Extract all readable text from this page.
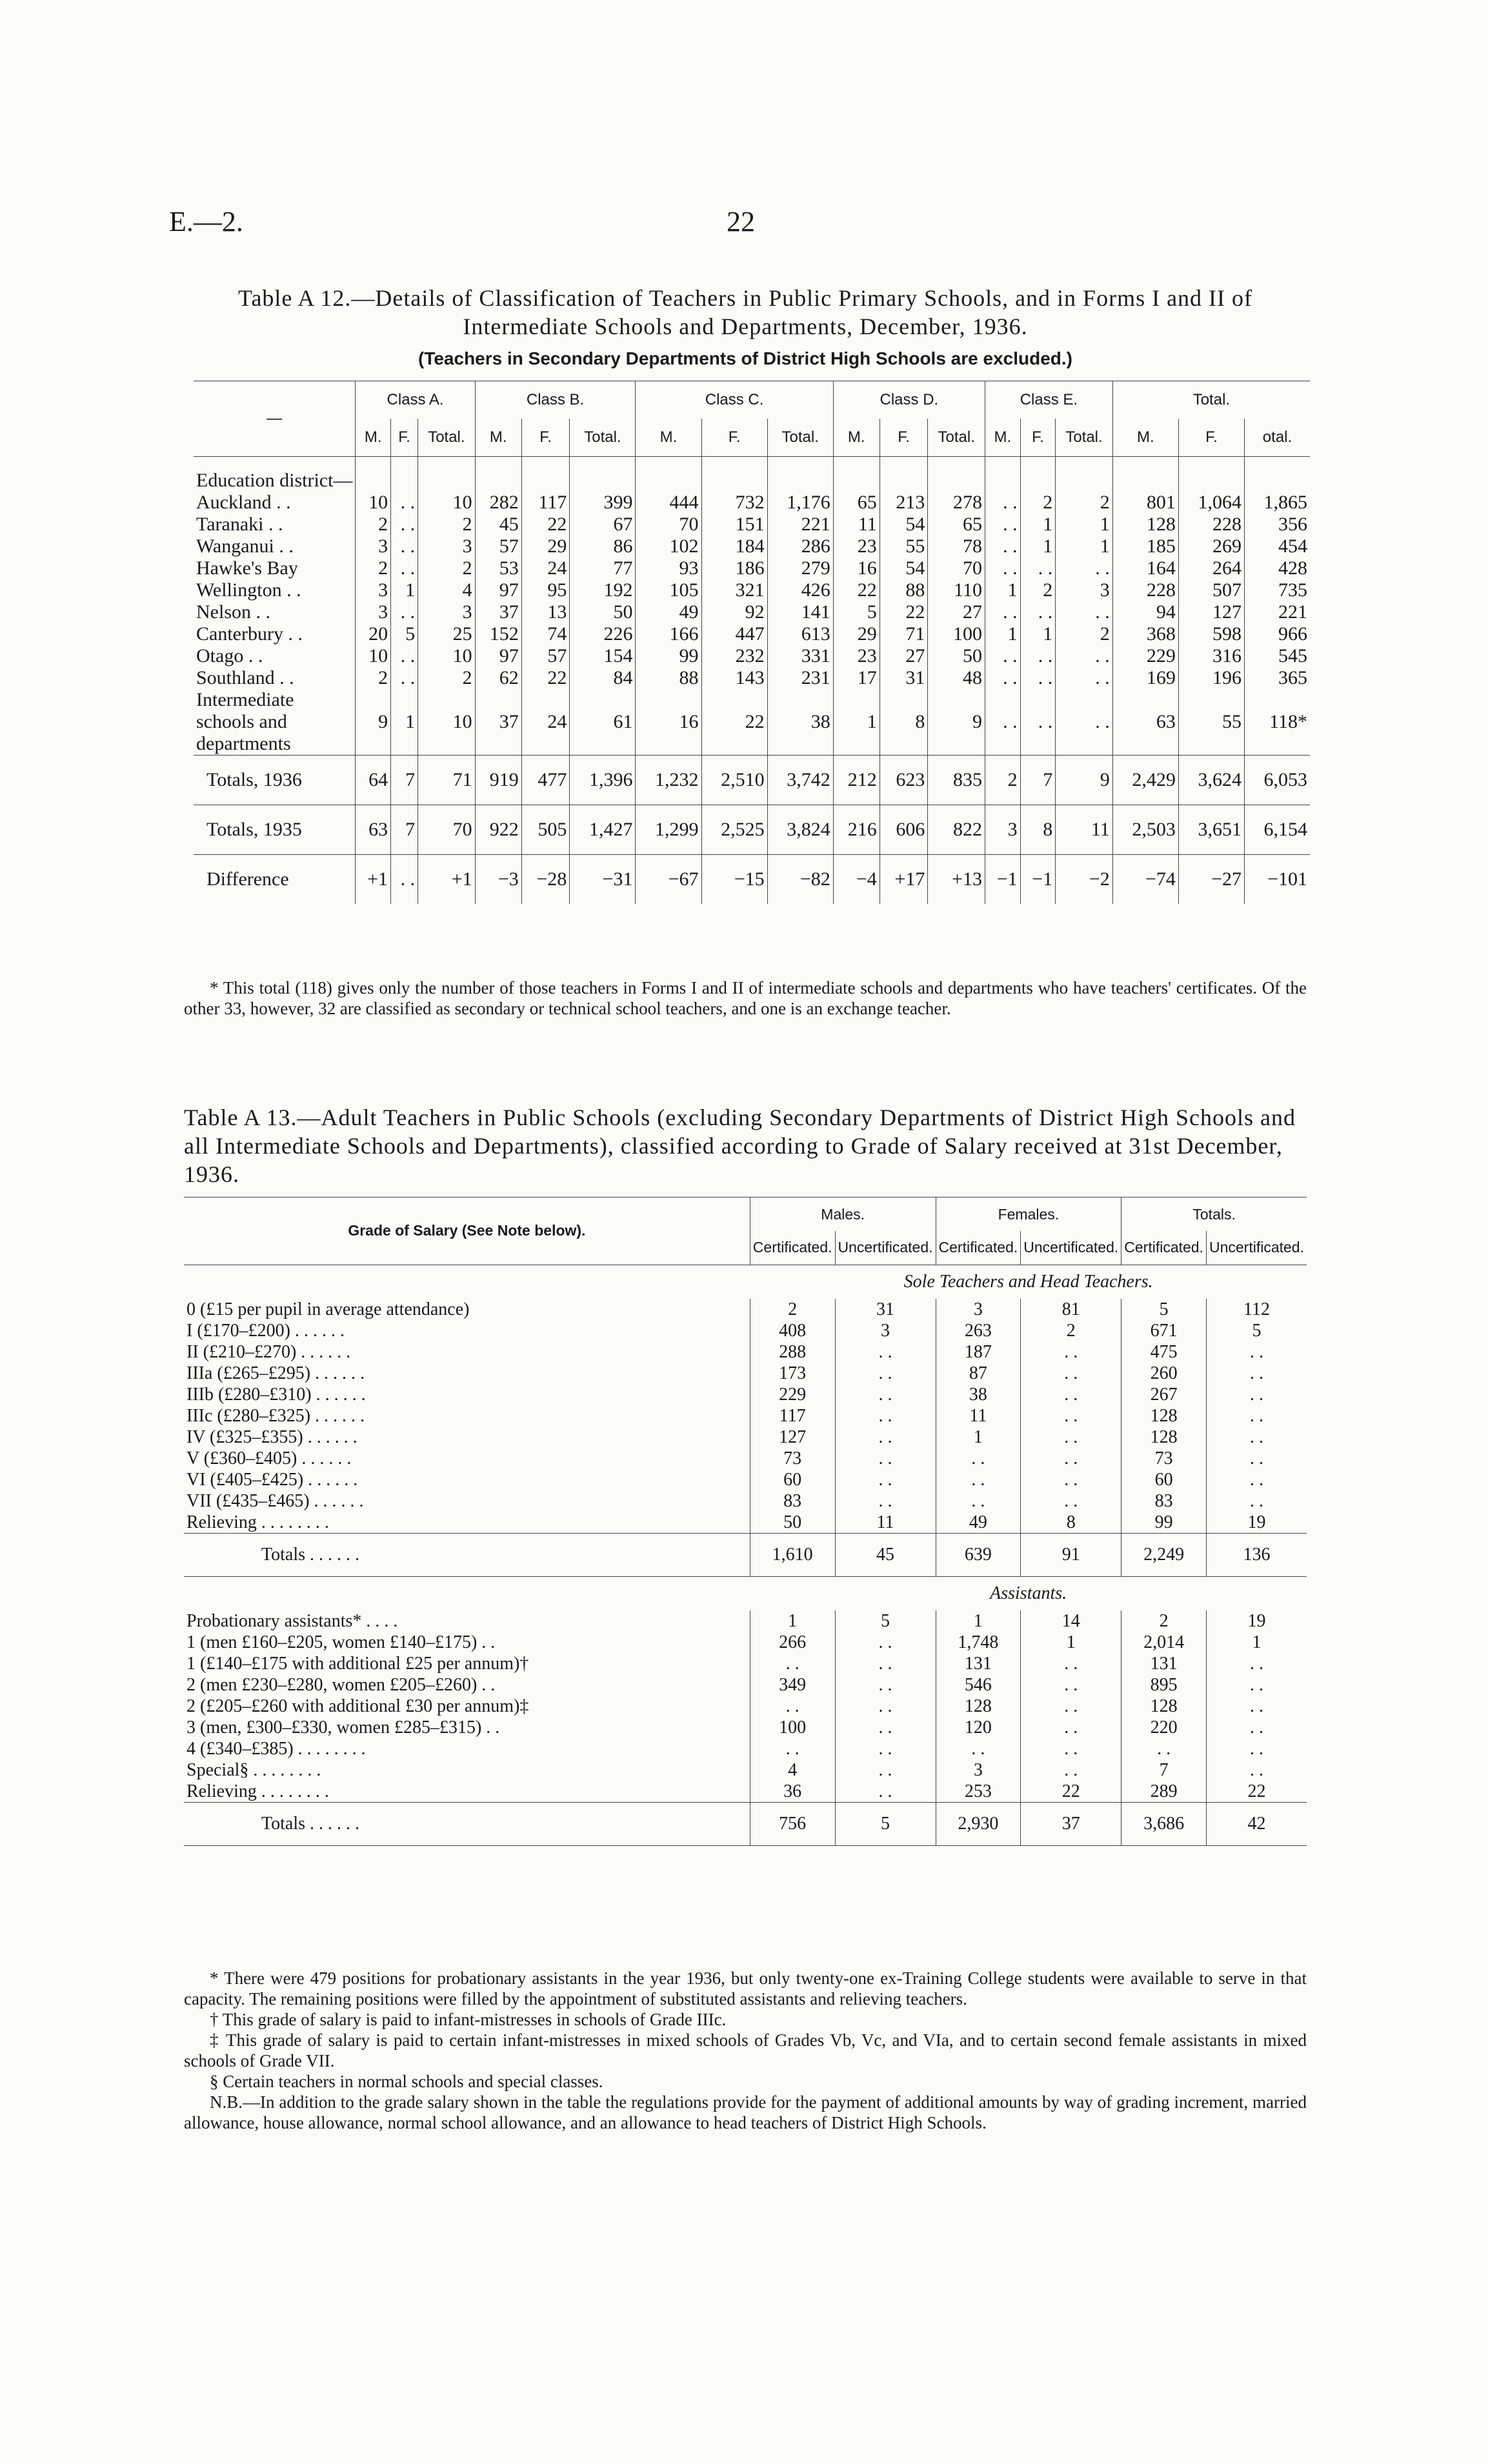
E.—2.	22
Table A 12.—Details of Classification of Teachers in Public Primary Schools, and in Forms I and II of Intermediate Schools and Departments, December, 1936.
(Teachers in Secondary Departments of District High Schools are excluded.)
—	Class A.			Class B.			Class C.			Class D.			Class E.			Total.		
	M.	F.	Total.	M.	F.	Total.	M.	F.	Total.	M.	F.	Total.	M.	F.	Total.	M.	F.	otal.
Education district—																		
Auckland . .	10	. .	10	282	117	399	444	732	1,176	65	213	278	. .	2	2	801	1,064	1,865
Taranaki . .	2	. .	2	45	22	67	70	151	221	11	54	65	. .	1	1	128	228	356
Wanganui . .	3	. .	3	57	29	86	102	184	286	23	55	78	. .	1	1	185	269	454
Hawke's Bay	2	. .	2	53	24	77	93	186	279	16	54	70	. .	. .	. .	164	264	428
Wellington . .	3	1	4	97	95	192	105	321	426	22	88	110	1	2	3	228	507	735
Nelson . .	3	. .	3	37	13	50	49	92	141	5	22	27	. .	. .	. .	94	127	221
Canterbury . .	20	5	25	152	74	226	166	447	613	29	71	100	1	1	2	368	598	966
Otago . .	10	. .	10	97	57	154	99	232	331	23	27	50	. .	. .	. .	229	316	545
Southland . .	2	. .	2	62	22	84	88	143	231	17	31	48	. .	. .	. .	169	196	365
Intermediate schools and departments	9	1	10	37	24	61	16	22	38	1	8	9	. .	. .	. .	63	55	118*
Totals, 1936	64	7	71	919	477	1,396	1,232	2,510	3,742	212	623	835	2	7	9	2,429	3,624	6,053
Totals, 1935	63	7	70	922	505	1,427	1,299	2,525	3,824	216	606	822	3	8	11	2,503	3,651	6,154
Difference	+1	. .	+1	−3	−28	−31	−67	−15	−82	−4	+17	+13	−1	−1	−2	−74	−27	−101
* This total (118) gives only the number of those teachers in Forms I and II of intermediate schools and departments who have teachers' certificates. Of the other 33, however, 32 are classified as secondary or technical school teachers, and one is an exchange teacher.
Table A 13.—Adult Teachers in Public Schools (excluding Secondary Departments of District High Schools and all Intermediate Schools and Departments), classified according to Grade of Salary received at 31st December, 1936.
Grade of Salary (See Note below).	Males.		Females.		Totals.	
	Certificated.	Uncertificated.	Certificated.	Uncertificated.	Certificated.	Uncertificated.
	Sole Teachers and Head Teachers.					
0 (£15 per pupil in average attendance)	2	31	3	81	5	112
I (£170–£200) . . . . . .	408	3	263	2	671	5
II (£210–£270) . . . . . .	288	. .	187	. .	475	. .
IIIa (£265–£295) . . . . . .	173	. .	87	. .	260	. .
IIIb (£280–£310) . . . . . .	229	. .	38	. .	267	. .
IIIc (£280–£325) . . . . . .	117	. .	11	. .	128	. .
IV (£325–£355) . . . . . .	127	. .	1	. .	128	. .
V (£360–£405) . . . . . .	73	. .	. .	. .	73	. .
VI (£405–£425) . . . . . .	60	. .	. .	. .	60	. .
VII (£435–£465) . . . . . .	83	. .	. .	. .	83	. .
Relieving . . . . . . . .	50	11	49	8	99	19
Totals . . . . . .	1,610	45	639	91	2,249	136
	Assistants.					
Probationary assistants* . . . .	1	5	1	14	2	19
1 (men £160–£205, women £140–£175) . .	266	. .	1,748	1	2,014	1
1 (£140–£175 with additional £25 per annum)†	. .	. .	131	. .	131	. .
2 (men £230–£280, women £205–£260) . .	349	. .	546	. .	895	. .
2 (£205–£260 with additional £30 per annum)‡	. .	. .	128	. .	128	. .
3 (men, £300–£330, women £285–£315) . .	100	. .	120	. .	220	. .
4 (£340–£385) . . . . . . . .	. .	. .	. .	. .	. .	. .
Special§ . . . . . . . .	4	. .	3	. .	7	. .
Relieving . . . . . . . .	36	. .	253	22	289	22
Totals . . . . . .	756	5	2,930	37	3,686	42
* There were 479 positions for probationary assistants in the year 1936, but only twenty-one ex-Training College students were available to serve in that capacity. The remaining positions were filled by the appointment of substituted assistants and relieving teachers.
† This grade of salary is paid to infant-mistresses in schools of Grade IIIc.
‡ This grade of salary is paid to certain infant-mistresses in mixed schools of Grades Vb, Vc, and VIa, and to certain second female assistants in mixed schools of Grade VII.
§ Certain teachers in normal schools and special classes.
N.B.—In addition to the grade salary shown in the table the regulations provide for the payment of additional amounts by way of grading increment, married allowance, house allowance, normal school allowance, and an allowance to head teachers of District High Schools.
